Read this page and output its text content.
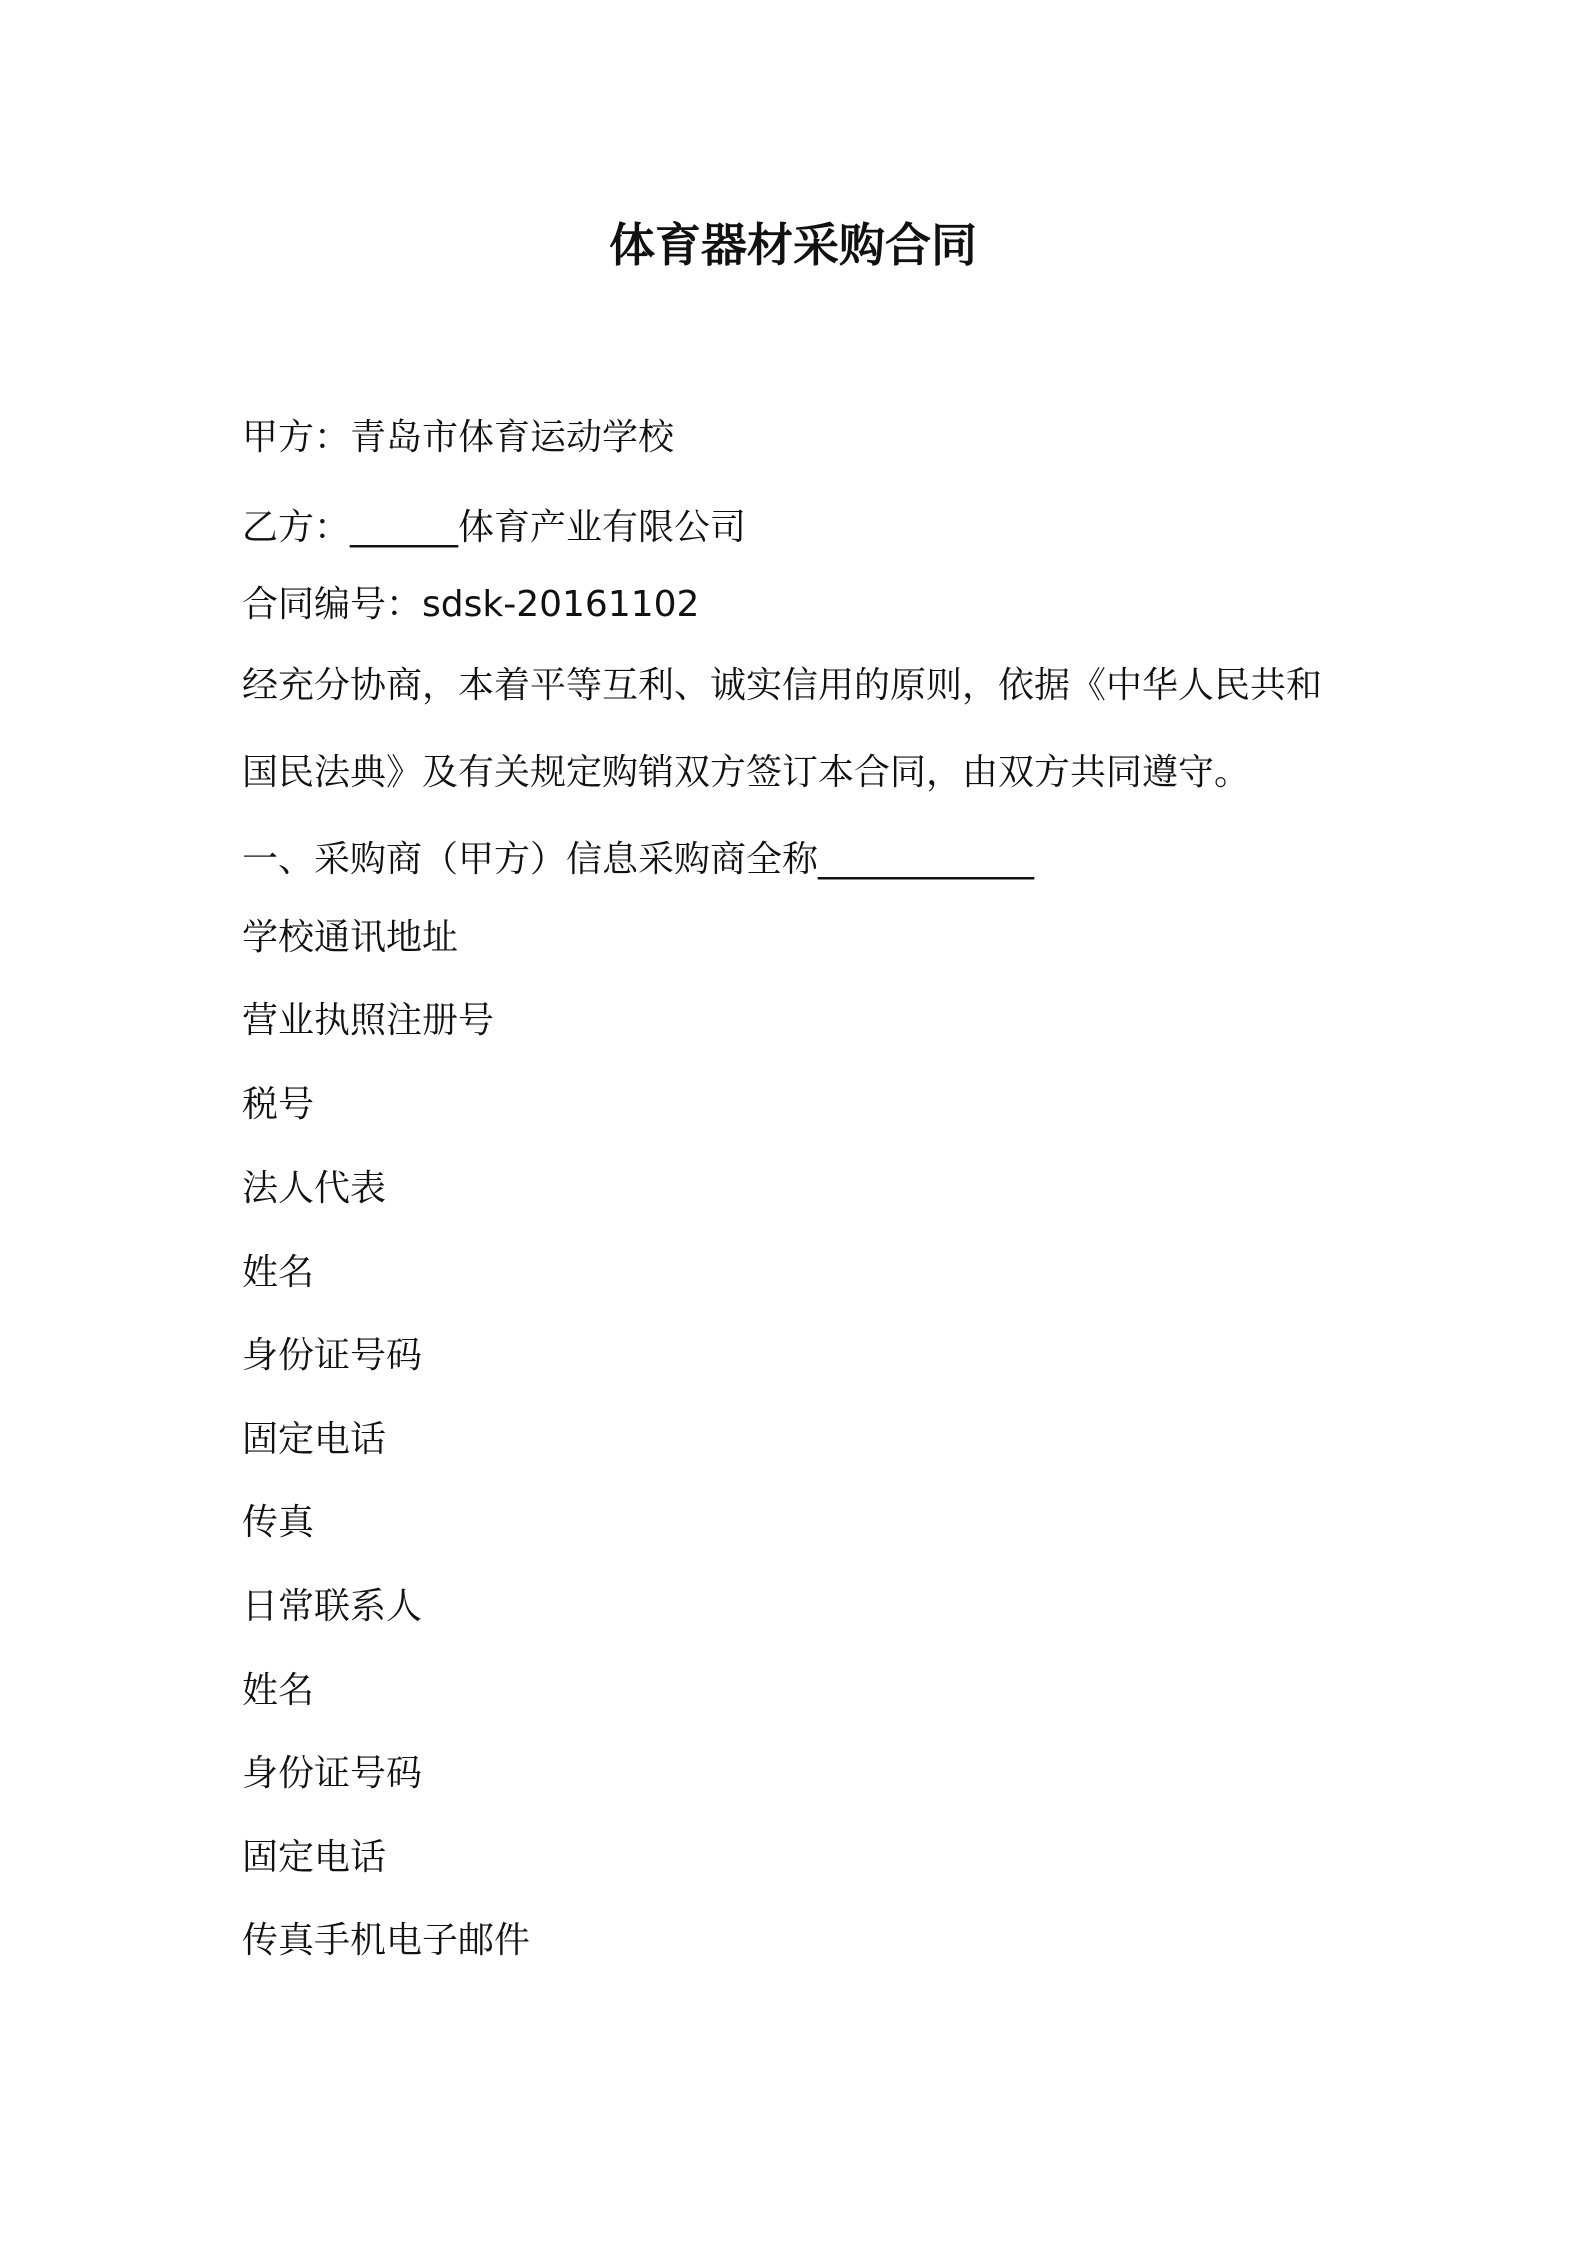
体育器材采购合同
甲方：青岛市体育运动学校
乙方：______体育产业有限公司
合同编号：sdsk-20161102
经充分协商，本着平等互利、诚实信用的原则，依据《中华人民共和
国民法典》及有关规定购销双方签订本合同，由双方共同遵守。
一、采购商（甲方）信息采购商全称____________
学校通讯地址
营业执照注册号
税号
法人代表
姓名
身份证号码
固定电话
传真
日常联系人
姓名
身份证号码
固定电话
传真手机电子邮件
